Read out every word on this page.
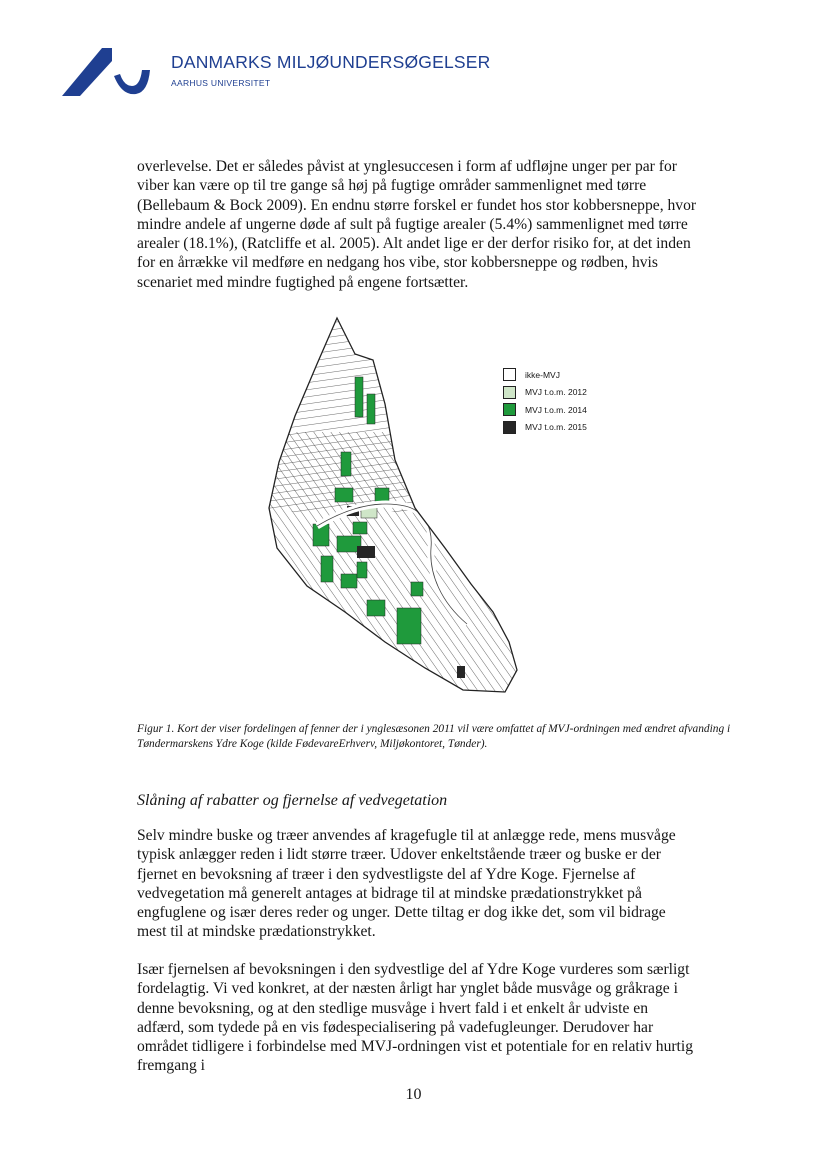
DANMARKS MILJØUNDERSØGELSER
AARHUS UNIVERSITET

overlevelse. Det er således påvist at ynglesuccesen i form af udfløjne unger per par for viber kan være op til tre gange så høj på fugtige områder sammenlignet med tørre (Bellebaum & Bock 2009). En endnu større forskel er fundet hos stor kobbersneppe, hvor mindre andele af ungerne døde af sult på fugtige arealer (5.4%) sammenlignet med tørre arealer (18.1%), (Ratcliffe et al. 2005). Alt andet lige er der derfor risiko for, at det inden for en årrække vil medføre en nedgang hos vibe, stor kobbersneppe og rødben, hvis scenariet med mindre fugtighed på engene fortsætter.

ikke-MVJ
MVJ t.o.m. 2012
MVJ t.o.m. 2014
MVJ t.o.m. 2015

Figur 1. Kort der viser fordelingen af fenner der i ynglesæsonen 2011 vil være omfattet af MVJ-ordningen med ændret afvanding i Tøndermarskens Ydre Koge (kilde FødevareErhverv, Miljøkontoret, Tønder).

Slåning af rabatter og fjernelse af vedvegetation

Selv mindre buske og træer anvendes af kragefugle til at anlægge rede, mens musvåge typisk anlægger reden i lidt større træer. Udover enkeltstående træer og buske er der fjernet en bevoksning af træer i den sydvestligste del af Ydre Koge. Fjernelse af vedvegetation må generelt antages at bidrage til at mindske prædationstrykket på engfuglene og især deres reder og unger. Dette tiltag er dog ikke det, som vil bidrage mest til at mindske prædationstrykket.

Især fjernelsen af bevoksningen i den sydvestlige del af Ydre Koge vurderes som særligt fordelagtig. Vi ved konkret, at der næsten årligt har ynglet både musvåge og gråkrage i denne bevoksning, og at den stedlige musvåge i hvert fald i et enkelt år udviste en adfærd, som tydede på en vis fødespecialisering på vadefugleunger. Derudover har området tidligere i forbindelse med MVJ-ordningen vist et potentiale for en relativ hurtig fremgang i

10
